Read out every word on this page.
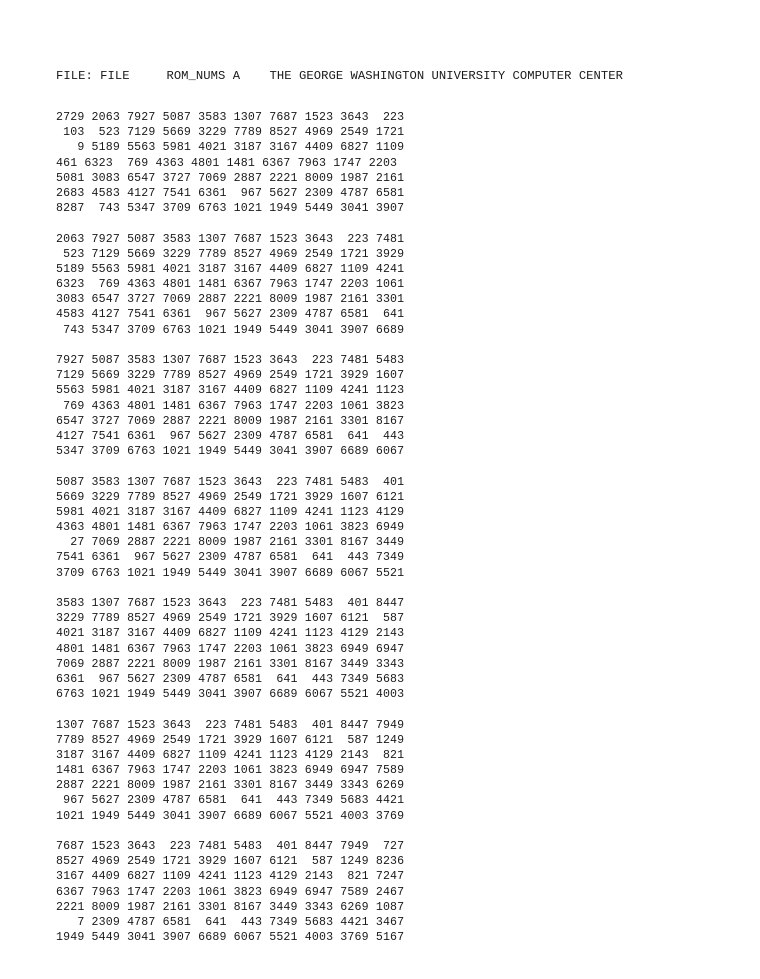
FILE: FILE     ROM_NUMS A    THE GEORGE WASHINGTON UNIVERSITY COMPUTER CENTER
2729 2063 7927 5087 3583 1307 7687 1523 3643  223
103  523 7129 5669 3229 7789 8527 4969 2549 1721
9 5189 5563 5981 4021 3187 3167 4409 6827 1109
461 6323  769 4363 4801 1481 6367 7963 1747 2203
5081 3083 6547 3727 7069 2887 2221 8009 1987 2161
2683 4583 4127 7541 6361  967 5627 2309 4787 6581
8287  743 5347 3709 6763 1021 1949 5449 3041 3907
2063 7927 5087 3583 1307 7687 1523 3643  223 7481
523 7129 5669 3229 7789 8527 4969 2549 1721 3929
5189 5563 5981 4021 3187 3167 4409 6827 1109 4241
6323  769 4363 4801 1481 6367 7963 1747 2203 1061
3083 6547 3727 7069 2887 2221 8009 1987 2161 3301
4583 4127 7541 6361  967 5627 2309 4787 6581  641
743 5347 3709 6763 1021 1949 5449 3041 3907 6689
7927 5087 3583 1307 7687 1523 3643  223 7481 5483
7129 5669 3229 7789 8527 4969 2549 1721 3929 1607
5563 5981 4021 3187 3167 4409 6827 1109 4241 1123
769 4363 4801 1481 6367 7963 1747 2203 1061 3823
6547 3727 7069 2887 2221 8009 1987 2161 3301 8167
4127 7541 6361  967 5627 2309 4787 6581  641  443
5347 3709 6763 1021 1949 5449 3041 3907 6689 6067
5087 3583 1307 7687 1523 3643  223 7481 5483  401
5669 3229 7789 8527 4969 2549 1721 3929 1607 6121
5981 4021 3187 3167 4409 6827 1109 4241 1123 4129
4363 4801 1481 6367 7963 1747 2203 1061 3823 6949
27 7069 2887 2221 8009 1987 2161 3301 8167 3449
7541 6361  967 5627 2309 4787 6581  641  443 7349
3709 6763 1021 1949 5449 3041 3907 6689 6067 5521
3583 1307 7687 1523 3643  223 7481 5483  401 8447
3229 7789 8527 4969 2549 1721 3929 1607 6121  587
4021 3187 3167 4409 6827 1109 4241 1123 4129 2143
4801 1481 6367 7963 1747 2203 1061 3823 6949 6947
7069 2887 2221 8009 1987 2161 3301 8167 3449 3343
6361  967 5627 2309 4787 6581  641  443 7349 5683
6763 1021 1949 5449 3041 3907 6689 6067 5521 4003
1307 7687 1523 3643  223 7481 5483  401 8447 7949
7789 8527 4969 2549 1721 3929 1607 6121  587 1249
3187 3167 4409 6827 1109 4241 1123 4129 2143  821
1481 6367 7963 1747 2203 1061 3823 6949 6947 7589
2887 2221 8009 1987 2161 3301 8167 3449 3343 6269
967 5627 2309 4787 6581  641  443 7349 5683 4421
1021 1949 5449 3041 3907 6689 6067 5521 4003 3769
7687 1523 3643  223 7481 5483  401 8447 7949  727
8527 4969 2549 1721 3929 1607 6121  587 1249 8236
3167 4409 6827 1109 4241 1123 4129 2143  821 7247
6367 7963 1747 2203 1061 3823 6949 6947 7589 2467
2221 8009 1987 2161 3301 8167 3449 3343 6269 1087
7 2309 4787 6581  641  443 7349 5683 4421 3467
1949 5449 3041 3907 6689 6067 5521 4003 3769 5167
